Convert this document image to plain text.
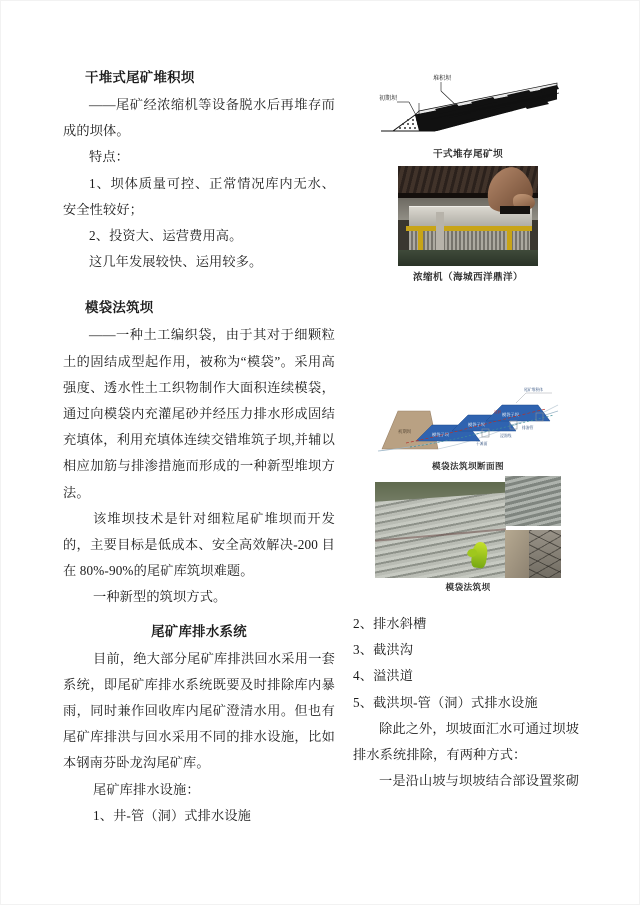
干堆式尾矿堆积坝

——尾矿经浓缩机等设备脱水后再堆存而成的坝体。

特点：

1、坝体质量可控、正常情况库内无水、安全性较好；

2、投资大、运营费用高。

这几年发展较快、运用较多。

模袋法筑坝

——一种土工编织袋，由于其对于细颗粒土的固结成型起作用，被称为“模袋”。采用高强度、透水性土工织物制作大面积连续模袋，通过向模袋内充灌尾砂并经压力排水形成固结充填体，利用充填体连续交错堆筑子坝,并辅以相应加筋与排渗措施而形成的一种新型堆坝方法。

该堆坝技术是针对细粒尾矿堆坝而开发的，主要目标是低成本、安全高效解决-200 目在 80%-90%的尾矿库筑坝难题。

一种新型的筑坝方式。

尾矿库排水系统

目前，绝大部分尾矿库排洪回水采用一套系统，即尾矿库排水系统既要及时排除库内暴雨，同时兼作回收库内尾矿澄清水用。但也有尾矿库排洪与回水采用不同的排水设施，比如本钢南芬卧龙沟尾矿库。

尾矿库排水设施：

1、井-管（洞）式排水设施

堆积坝
初期坝
干式堆存尾矿坝
浓缩机（海城西洋鼎洋）
初期坝
模袋子坝
模袋子坝
模袋子坝
尾矿堆积体
排渗管
干滩面
浸润线
浸润
模袋法筑坝断面图
模袋法筑坝

2、排水斜槽

3、截洪沟

4、溢洪道

5、截洪坝-管（洞）式排水设施

除此之外，坝坡面汇水可通过坝坡排水系统排除，有两种方式：

一是沿山坡与坝坡结合部设置浆砌
